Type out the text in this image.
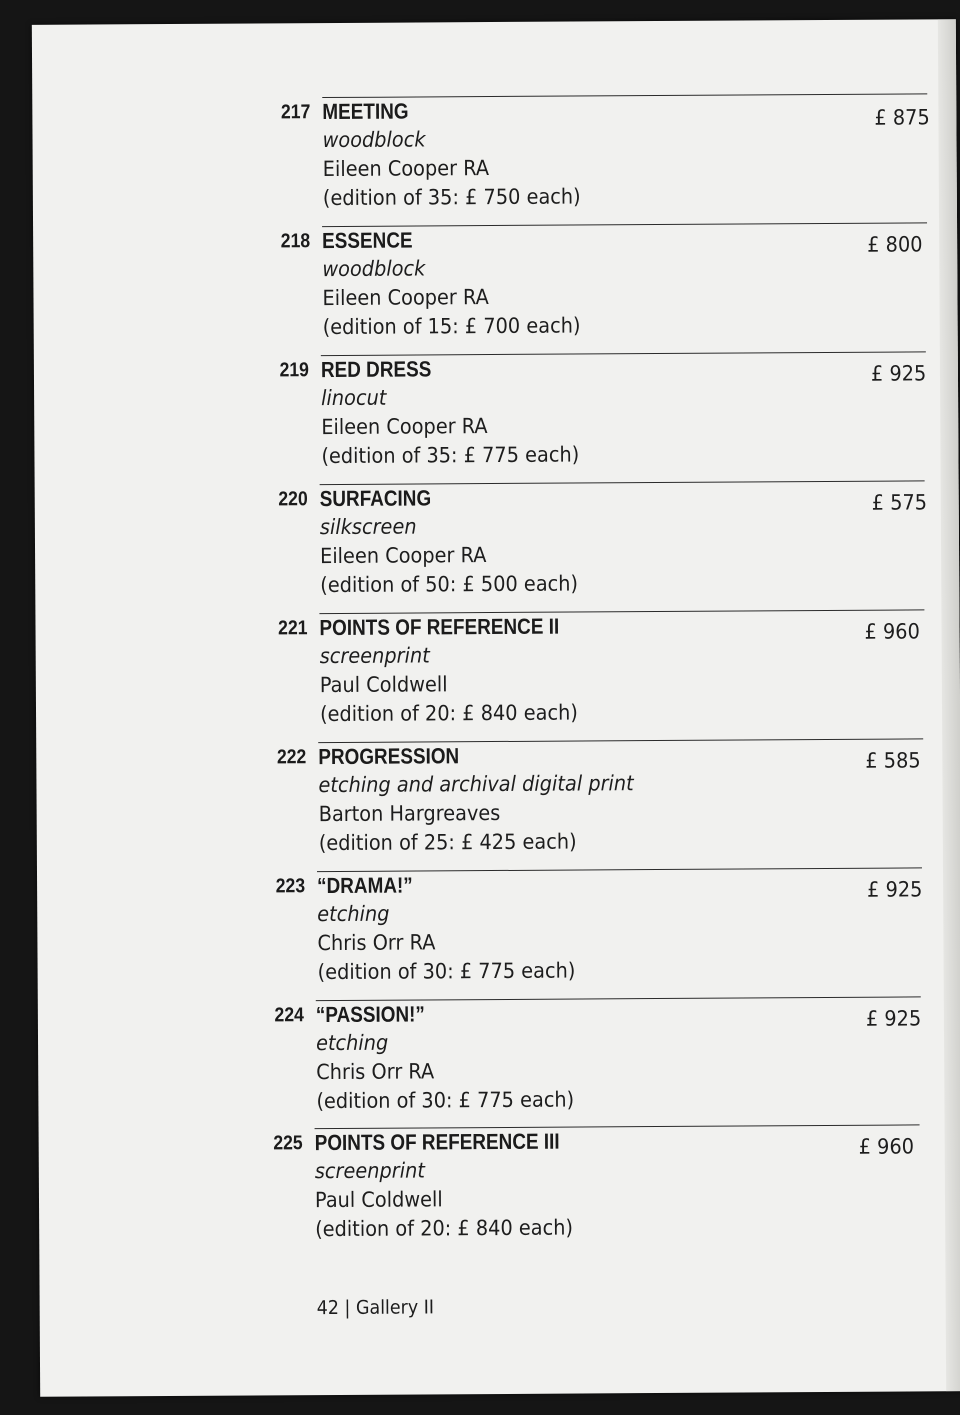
217 MEETING
woodblock
Eileen Cooper RA
(edition of 35: £ 750 each)
£ 875
218 ESSENCE
woodblock
Eileen Cooper RA
(edition of 15: £ 700 each)
£ 800
219 RED DRESS
linocut
Eileen Cooper RA
(edition of 35: £ 775 each)
£ 925
220 SURFACING
silkscreen
Eileen Cooper RA
(edition of 50: £ 500 each)
£ 575
221 POINTS OF REFERENCE II
screenprint
Paul Coldwell
(edition of 20: £ 840 each)
£ 960
222 PROGRESSION
etching and archival digital print
Barton Hargreaves
(edition of 25: £ 425 each)
£ 585
223 “DRAMA!”
etching
Chris Orr RA
(edition of 30: £ 775 each)
£ 925
224 “PASSION!”
etching
Chris Orr RA
(edition of 30: £ 775 each)
£ 925
225 POINTS OF REFERENCE III
screenprint
Paul Coldwell
(edition of 20: £ 840 each)
£ 960
42 | Gallery II
